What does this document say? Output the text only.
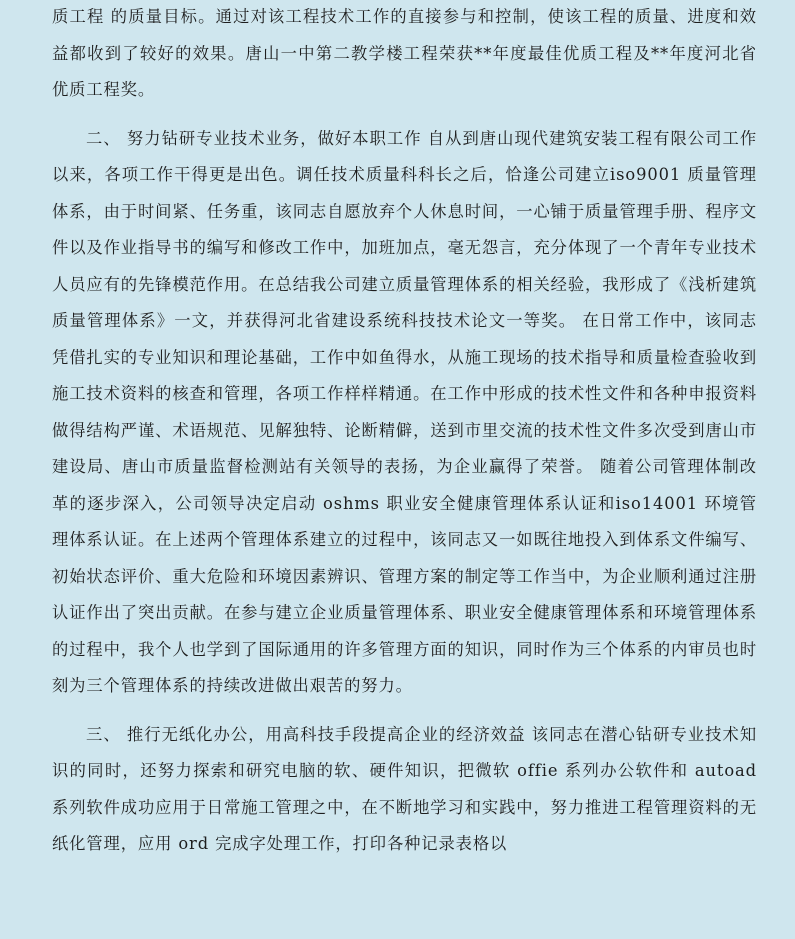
质工程 的质量目标。通过对该工程技术工作的直接参与和控制，使该工程的质量、进度和效益都收到了较好的效果。唐山一中第二教学楼工程荣获**年度最佳优质工程及**年度河北省优质工程奖。

二、 努力钻研专业技术业务，做好本职工作 自从到唐山现代建筑安装工程有限公司工作以来，各项工作干得更是出色。调任技术质量科科长之后，恰逢公司建立iso9001 质量管理体系，由于时间紧、任务重，该同志自愿放弃个人休息时间，一心铺于质量管理手册、程序文件以及作业指导书的编写和修改工作中，加班加点，毫无怨言，充分体现了一个青年专业技术人员应有的先锋模范作用。在总结我公司建立质量管理体系的相关经验，我形成了《浅析建筑质量管理体系》一文，并获得河北省建设系统科技技术论文一等奖。 在日常工作中，该同志凭借扎实的专业知识和理论基础，工作中如鱼得水，从施工现场的技术指导和质量检查验收到施工技术资料的核查和管理，各项工作样样精通。在工作中形成的技术性文件和各种申报资料做得结构严谨、术语规范、见解独特、论断精僻，送到市里交流的技术性文件多次受到唐山市建设局、唐山市质量监督检测站有关领导的表扬，为企业赢得了荣誉。 随着公司管理体制改革的逐步深入，公司领导决定启动 oshms 职业安全健康管理体系认证和iso14001 环境管理体系认证。在上述两个管理体系建立的过程中，该同志又一如既往地投入到体系文件编写、初始状态评价、重大危险和环境因素辨识、管理方案的制定等工作当中，为企业顺利通过注册认证作出了突出贡献。在参与建立企业质量管理体系、职业安全健康管理体系和环境管理体系的过程中，我个人也学到了国际通用的许多管理方面的知识，同时作为三个体系的内审员也时刻为三个管理体系的持续改进做出艰苦的努力。

三、 推行无纸化办公，用高科技手段提高企业的经济效益 该同志在潜心钻研专业技术知识的同时，还努力探索和研究电脑的软、硬件知识，把微软 offie 系列办公软件和 autoad 系列软件成功应用于日常施工管理之中，在不断地学习和实践中，努力推进工程管理资料的无纸化管理，应用 ord 完成字处理工作，打印各种记录表格以
